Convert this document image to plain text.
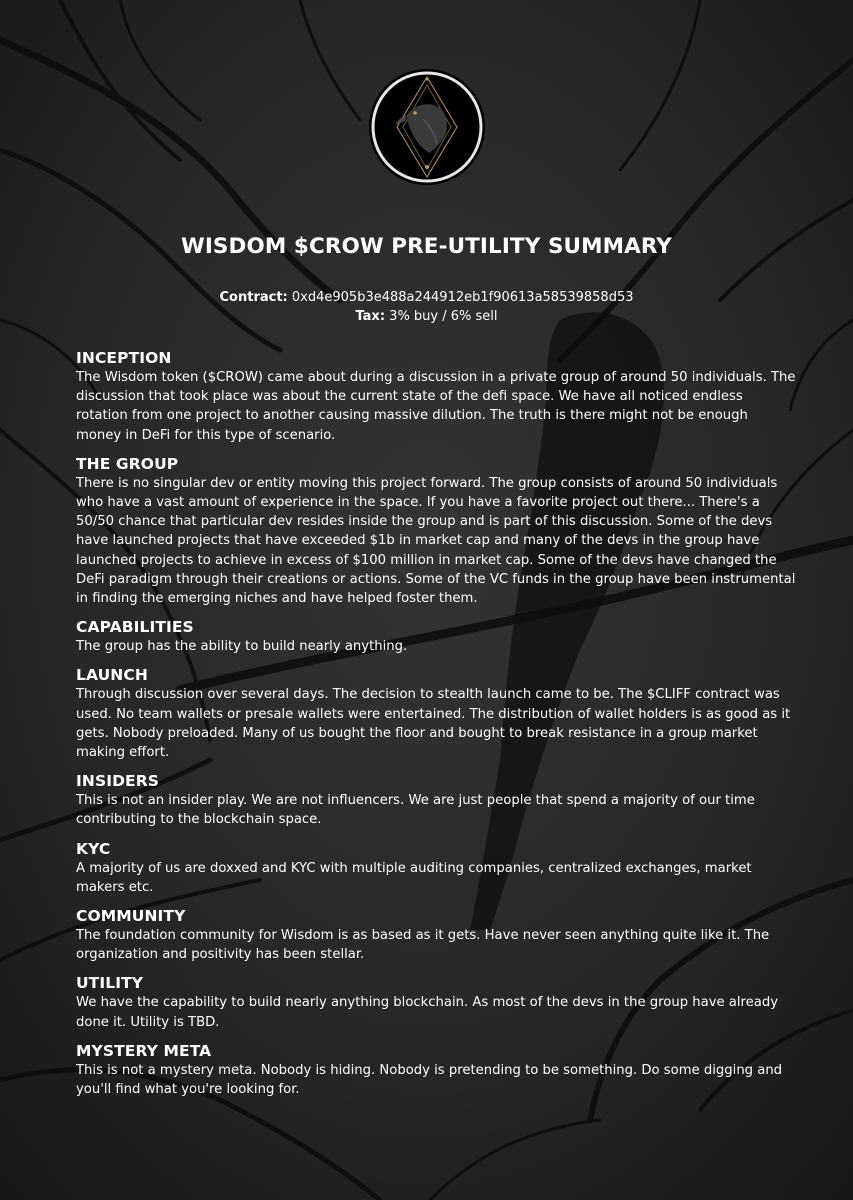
WISDOM $CROW PRE-UTILITY SUMMARY
Contract: 0xd4e905b3e488a244912eb1f90613a58539858d53
Tax: 3% buy / 6% sell
INCEPTION

The Wisdom token ($CROW) came about during a discussion in a private group of around 50 individuals. The discussion that took place was about the current state of the defi space. We have all noticed endless rotation from one project to another causing massive dilution. The truth is there might not be enough money in DeFi for this type of scenario.

THE GROUP

There is no singular dev or entity moving this project forward. The group consists of around 50 individuals who have a vast amount of experience in the space. If you have a favorite project out there... There's a 50/50 chance that particular dev resides inside the group and is part of this discussion. Some of the devs have launched projects that have exceeded $1b in market cap and many of the devs in the group have launched projects to achieve in excess of $100 million in market cap. Some of the devs have changed the DeFi paradigm through their creations or actions. Some of the VC funds in the group have been instrumental in finding the emerging niches and have helped foster them.

CAPABILITIES

The group has the ability to build nearly anything.

LAUNCH

Through discussion over several days. The decision to stealth launch came to be. The $CLIFF contract was used. No team wallets or presale wallets were entertained. The distribution of wallet holders is as good as it gets. Nobody preloaded. Many of us bought the floor and bought to break resistance in a group market making effort.

INSIDERS

This is not an insider play. We are not influencers. We are just people that spend a majority of our time contributing to the blockchain space.

KYC

A majority of us are doxxed and KYC with multiple auditing companies, centralized exchanges, market makers etc.

COMMUNITY

The foundation community for Wisdom is as based as it gets. Have never seen anything quite like it. The organization and positivity has been stellar.

UTILITY

We have the capability to build nearly anything blockchain. As most of the devs in the group have already done it. Utility is TBD.

MYSTERY META

This is not a mystery meta. Nobody is hiding. Nobody is pretending to be something. Do some digging and you'll find what you're looking for.
